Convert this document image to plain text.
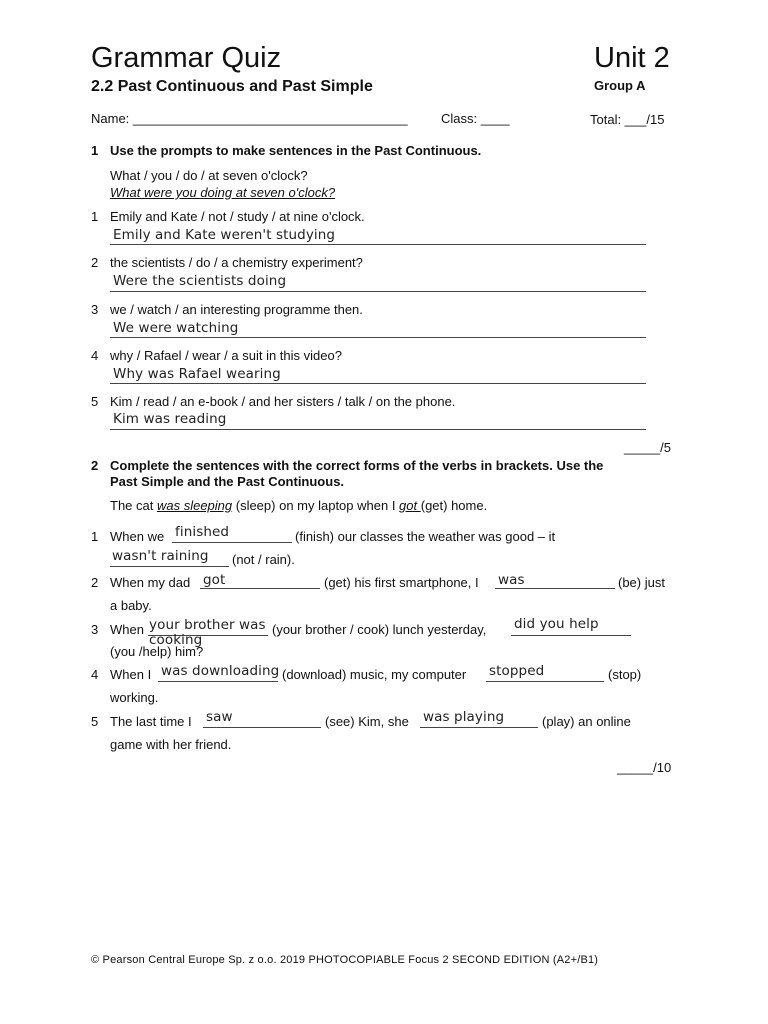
Grammar Quiz	Unit 2
2.2 Past Continuous and Past Simple	Group A
Name: ______________________________________	Class: ____	Total: ___/15
1 Use the prompts to make sentences in the Past Continuous.
What / you / do / at seven o'clock?
What were you doing at seven o'clock?
1 Emily and Kate / not / study / at nine o'clock.
Emily and Kate weren't studying
2 the scientists / do / a chemistry experiment?
Were the scientists doing
3 we / watch / an interesting programme then.
We were watching
4 why / Rafael / wear / a suit in this video?
Why was Rafael wearing
5 Kim / read / an e-book / and her sisters / talk / on the phone.
Kim was reading
_____/5
2 Complete the sentences with the correct forms of the verbs in brackets. Use the
Past Simple and the Past Continuous.
The cat was sleeping (sleep) on my laptop when I got (get) home.
1 When we finished	(finish) our classes the weather was good – it
wasn't raining (not / rain).
2 When my dad got	(get) his first smartphone, I was	(be) just
a baby.
3 When your brother was
cooking
(your brother / cook) lunch yesterday, did you help
(you /help) him?
4 When I was downloading (download) music, my computer stopped	(stop)
working.
5 The last time I saw	(see) Kim, she was playing	(play) an online
game with her friend.
_____/10
© Pearson Central Europe Sp. z o.o. 2019 PHOTOCOPIABLE Focus 2 SECOND EDITION (A2+/B1)
